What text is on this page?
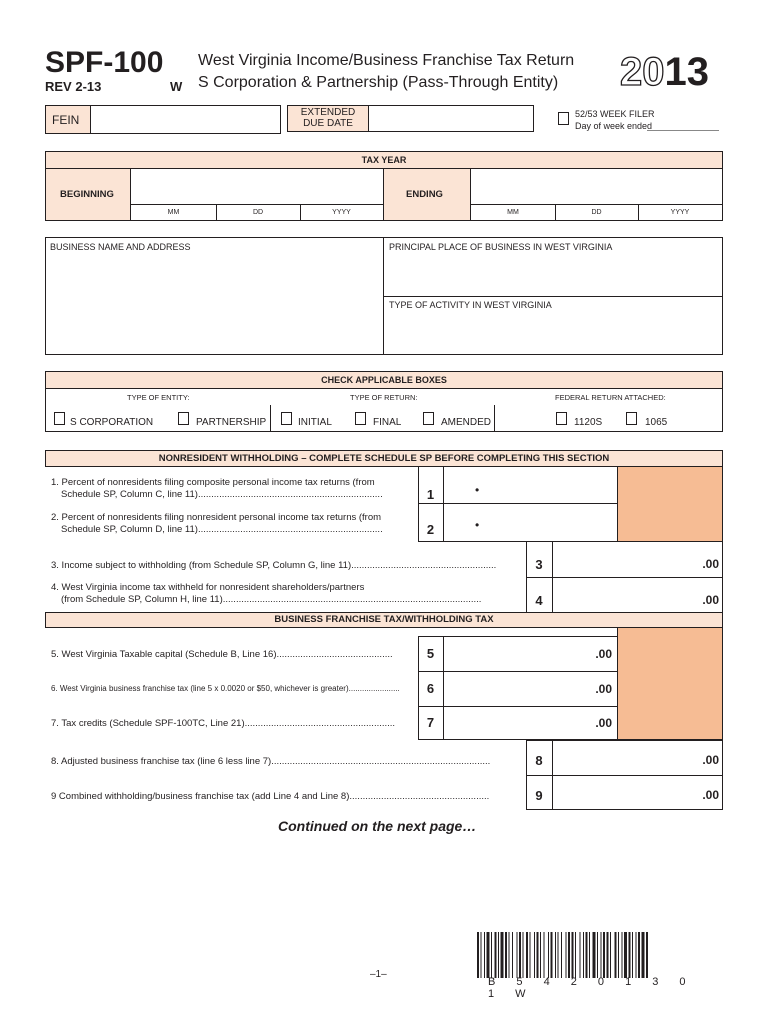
SPF-100
REV 2-13	W
West Virginia Income/Business Franchise Tax Return
S Corporation & Partnership (Pass-Through Entity) 2013
FEIN
EXTENDED
DUE DATE
52/53 WEEK FILER
Day of week ended
TAX YEAR
BEGINNING	ENDING
MM	DD	YYYY	MM	DD	YYYY
BUSINESS NAME AND ADDRESS	PRINCIPAL PLACE OF BUSINESS IN WEST VIRGINIA
TYPE OF ACTIVITY IN WEST VIRGINIA
CHECK APPLICABLE BOXES
TYPE OF ENTITY:	TYPE OF RETURN:	FEDERAL RETURN ATTACHED:
S CORPORATION	PARTNERSHIP	INITIAL	FINAL	AMENDED	1120S	1065
NONRESIDENT WITHHOLDING – COMPLETE SCHEDULE SP BEFORE COMPLETING THIS SECTION
1. Percent of nonresidents filing composite personal income tax returns (from
Schedule SP, Column C, line 11)......................................................................	1	•
2. Percent of nonresidents filing nonresident personal income tax returns (from
Schedule SP, Column D, line 11)......................................................................	2	•
3. Income subject to withholding (from Schedule SP, Column G, line 11).......................................................	3	.00
4. West Virginia income tax withheld for nonresident shareholders/partners
(from Schedule SP, Column H, line 11)..................................................................................................	4	.00
BUSINESS FRANCHISE TAX/WITHHOLDING TAX
5. West Virginia Taxable capital (Schedule B, Line 16)............................................	5	.00
6. West Virginia business franchise tax (line 5 x 0.0020 or $50, whichever is greater).......................	6	.00
7. Tax credits (Schedule SPF-100TC, Line 21).........................................................	7	.00
8. Adjusted business franchise tax (line 6 less line 7)...................................................................................	8	.00
9 Combined withholding/business franchise tax (add Line 4 and Line 8).....................................................	9	.00
Continued on the next page…
–1–
B 5 4 2 0 1 3 0 1 W
